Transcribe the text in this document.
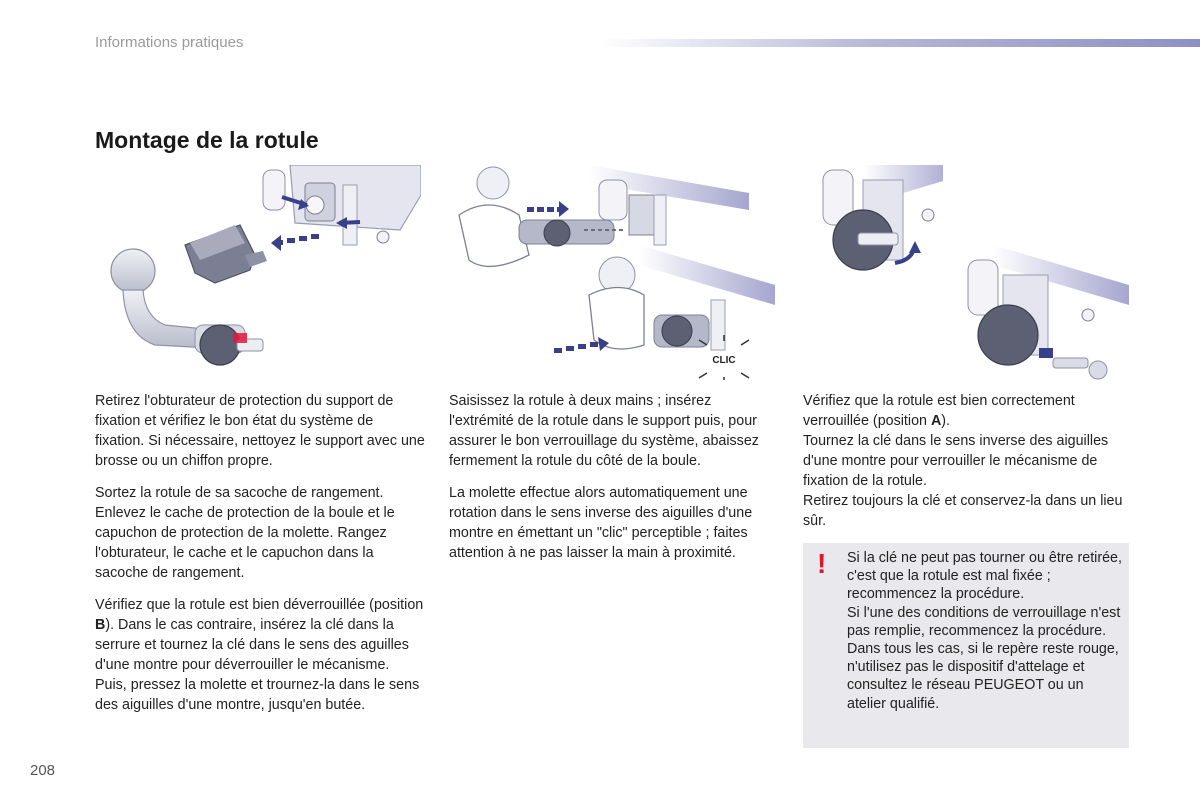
Informations pratiques
Montage de la rotule
CLIC

Retirez l'obturateur de protection du support de fixation et vérifiez le bon état du système de fixation. Si nécessaire, nettoyez le support avec une brosse ou un chiffon propre.

Sortez la rotule de sa sacoche de rangement. Enlevez le cache de protection de la boule et le capuchon de protection de la molette. Rangez l'obturateur, le cache et le capuchon dans la sacoche de rangement.

Vérifiez que la rotule est bien déverrouillée (position B). Dans le cas contraire, insérez la clé dans la serrure et tournez la clé dans le sens des aguilles d'une montre pour déverrouiller le mécanisme. Puis, pressez la molette et trournez-la dans le sens des aiguilles d'une montre, jusqu'en butée.

Saisissez la rotule à deux mains ; insérez l'extrémité de la rotule dans le support puis, pour assurer le bon verrouillage du système, abaissez fermement la rotule du côté de la boule.

La molette effectue alors automatiquement une rotation dans le sens inverse des aiguilles d'une montre en émettant un "clic" perceptible ; faites attention à ne pas laisser la main à proximité.

Vérifiez que la rotule est bien correctement verrouillée (position A).
Tournez la clé dans le sens inverse des aiguilles d'une montre pour verrouiller le mécanisme de fixation de la rotule.
Retirez toujours la clé et conservez-la dans un lieu sûr.

! Si la clé ne peut pas tourner ou être retirée, c'est que la rotule est mal fixée ; recommencez la procédure.
Si l'une des conditions de verrouillage n'est pas remplie, recommencez la procédure.
Dans tous les cas, si le repère reste rouge, n'utilisez pas le dispositif d'attelage et consultez le réseau PEUGEOT ou un atelier qualifié.
208
